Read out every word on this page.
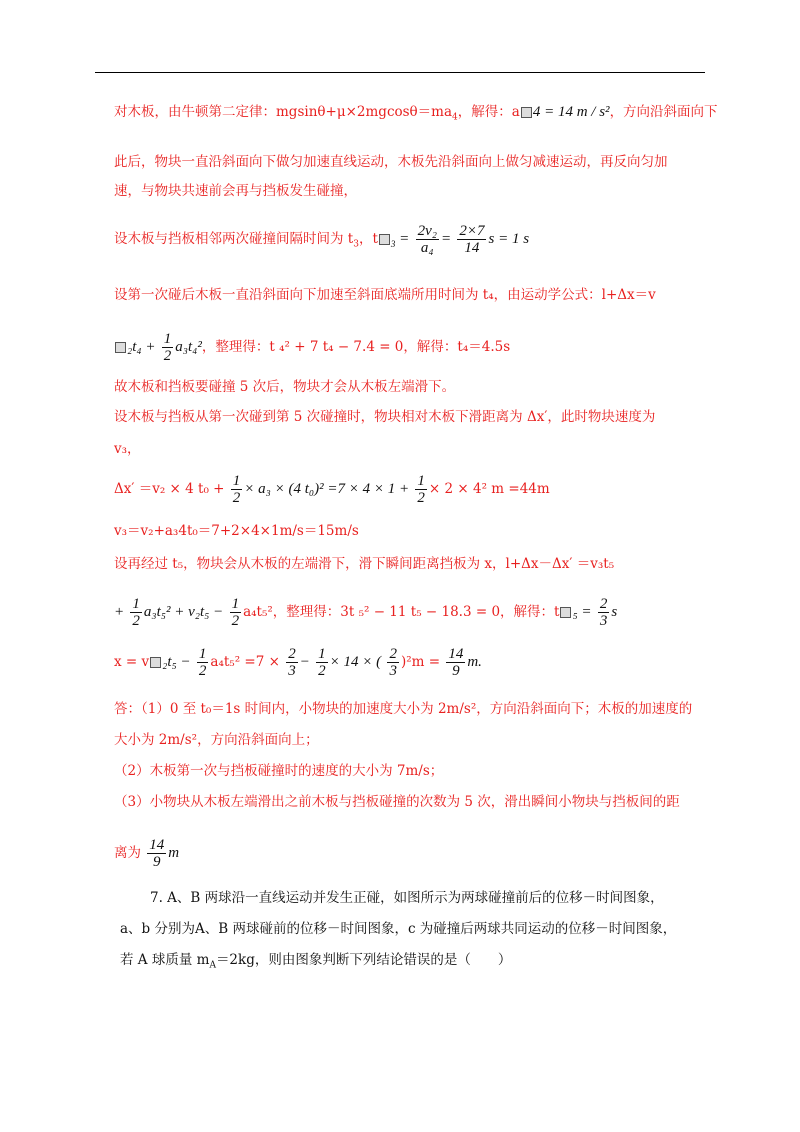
对木板，由牛顿第二定律：$mgsin\theta+\mu\times 2mgcos\theta=ma_4$，解得：a 4 = 14 m / s²，方向沿斜面向下
此后，物块一直沿斜面向下做匀加速直线运动，木板先沿斜面向上做匀减速运动，再反向匀加
速，与物块共速前会再与挡板发生碰撞，
设木板与挡板相邻两次碰撞间隔时间为 $t_3$，t $_3 = \frac{\text{2v₂}}{\text{a₄}} = \frac{2\times 7}{14}$ s = 1 s
设第一次碰后木板一直沿斜面向下加速至斜面底端所用时间为 t₄，由运动学公式：l+Δx＝v
$_2t_4 + \frac{1}{2} a_3t_4^2$，整理得：t ₄² + 7 t₄ − 7.4 = 0，解得：t₄＝4.5s
故木板和挡板要碰撞 5 次后，物块才会从木板左端滑下。
设木板与挡板从第一次碰到第 5 次碰撞时，物块相对木板下滑距离为 Δx′，此时物块速度为
v₃，
Δx′ ＝v₂ × 4 $t_0 + \frac{1}{2} \times a_3 \times (4$ $t_0)^2 =7 \times 4 \times 1 + \frac{1}{2} \times 2 \times 4^2$ m =44m
v₃＝v₂+a₃4t₀＝7+2×4×1m/s＝15m/s
设再经过 t₅，物块会从木板的左端滑下，滑下瞬间距离挡板为 x，l+Δx－Δx′ ＝v₃t₅
+ $\frac{1}{2} a_3t_5^2 + v_2t_5 - \frac{1}{2} a_4t_5^2$，整理得：3t ₅² − 11 t₅ − 18.3 = 0，解得：t $_5 = \frac{2}{3}$ s
x = v $_2t_5 - \frac{1}{2} a_4t_5^2 =7 \times \frac{2}{3} - \frac{1}{2} \times 14$ × ( $\frac{2}{3} )^2m = \frac{14}{9} m$.
答：（1）0 至 t₀＝1s 时间内，小物块的加速度大小为 2m/s²，方向沿斜面向下；木板的加速度的
大小为 2m/s²，方向沿斜面向上；
（2）木板第一次与挡板碰撞时的速度的大小为 7m/s；
（3）小物块从木板左端滑出之前木板与挡板碰撞的次数为 5 次，滑出瞬间小物块与挡板间的距
离为 $\frac{14}{9}$ m
7. A、B 两球沿一直线运动并发生正碰，如图所示为两球碰撞前后的位移－时间图象，
a、b 分别为A、B 两球碰前的位移－时间图象，c 为碰撞后两球共同运动的位移－时间图象，
若 A 球质量 $m_A=2kg$，则由图象判断下列结论错误的是（　　）
